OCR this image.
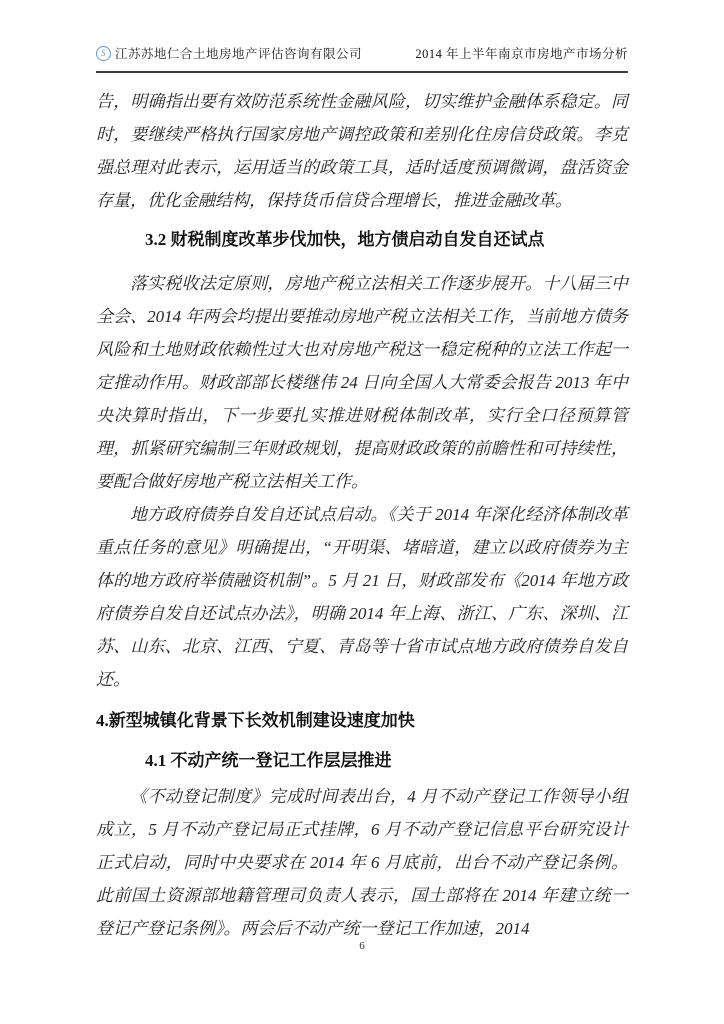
S 江苏苏地仁合土地房地产评估咨询有限公司	2014 年上半年南京市房地产市场分析

告，明确指出要有效防范系统性金融风险，切实维护金融体系稳定。同时，要继续严格执行国家房地产调控政策和差别化住房信贷政策。李克强总理对此表示，运用适当的政策工具，适时适度预调微调，盘活资金存量，优化金融结构，保持货币信贷合理增长，推进金融改革。

3.2 财税制度改革步伐加快，地方债启动自发自还试点

落实税收法定原则，房地产税立法相关工作逐步展开。十八届三中全会、2014 年两会均提出要推动房地产税立法相关工作，当前地方债务风险和土地财政依赖性过大也对房地产税这一稳定税种的立法工作起一定推动作用。财政部部长楼继伟 24 日向全国人大常委会报告 2013 年中央决算时指出，下一步要扎实推进财税体制改革，实行全口径预算管理，抓紧研究编制三年财政规划，提高财政政策的前瞻性和可持续性，要配合做好房地产税立法相关工作。

地方政府债券自发自还试点启动。《关于 2014 年深化经济体制改革重点任务的意见》明确提出，“开明渠、堵暗道，建立以政府债券为主体的地方政府举债融资机制”。5 月 21 日，财政部发布《2014 年地方政府债券自发自还试点办法》，明确 2014 年上海、浙江、广东、深圳、江苏、山东、北京、江西、宁夏、青岛等十省市试点地方政府债券自发自还。

4.新型城镇化背景下长效机制建设速度加快
4.1 不动产统一登记工作层层推进

《不动登记制度》完成时间表出台，4 月不动产登记工作领导小组成立，5 月不动产登记局正式挂牌，6 月不动产登记信息平台研究设计正式启动，同时中央要求在 2014 年 6 月底前，出台不动产登记条例。此前国土资源部地籍管理司负责人表示，国土部将在 2014 年建立统一登记产登记条例》。两会后不动产统一登记工作加速，2014

6
